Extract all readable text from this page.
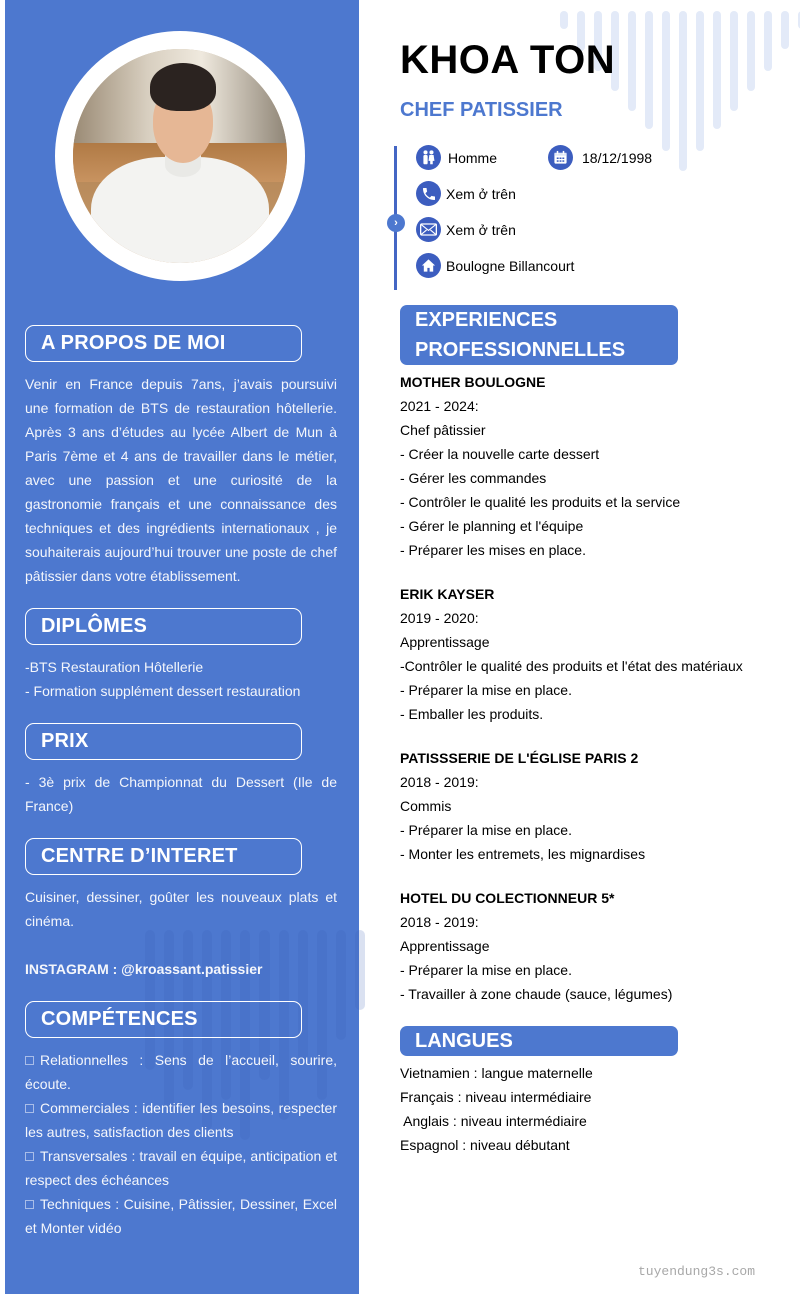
A PROPOS DE MOI

Venir en France depuis 7ans, j’avais poursuivi une formation de BTS de restauration hôtellerie. Après 3 ans d’études au lycée Albert de Mun à Paris 7ème et 4 ans de travailler dans le métier, avec une passion et une curiosité de la gastronomie français et une connaissance des techniques et des ingrédients internationaux , je souhaiterais aujourd’hui trouver une poste de chef pâtissier dans votre établissement.

DIPLÔMES

-BTS Restauration Hôtellerie

- Formation supplément dessert restauration

PRIX

- 3è prix de Championnat du Dessert (Ile de France)

CENTRE D’INTERET

Cuisiner, dessiner, goûter les nouveaux plats et cinéma.

INSTAGRAM : @kroassant.patissier

COMPÉTENCES

Relationnelles : Sens de l’accueil, sourire, écoute.

Commerciales : identifier les besoins, respecter les autres, satisfaction des clients

Transversales : travail en équipe, anticipation et respect des échéances

Techniques : Cuisine, Pâtissier, Dessiner, Excel et Monter vidéo

KHOA TON
CHEF PATISSIER
›
Homme	18/12/1998
Xem ở trên
Xem ở trên
Boulogne Billancourt
EXPERIENCES
PROFESSIONNELLES

MOTHER BOULOGNE

2021 - 2024:

Chef pâtissier

- Créer la nouvelle carte dessert

- Gérer les commandes

- Contrôler le qualité les produits et la service

- Gérer le planning et l'équipe

- Préparer les mises en place.

ERIK KAYSER

2019 - 2020:

Apprentissage

-Contrôler le qualité des produits et l'état des matériaux

- Préparer la mise en place.

- Emballer les produits.

PATISSSERIE DE L'ÉGLISE PARIS 2

2018 - 2019:

Commis

- Préparer la mise en place.

- Monter les entremets, les mignardises

HOTEL DU COLECTIONNEUR 5*

2018 - 2019:

Apprentissage

- Préparer la mise en place.

- Travailler à zone chaude (sauce, légumes)

LANGUES

Vietnamien : langue maternelle

Français : niveau intermédiaire

Anglais : niveau intermédiaire

Espagnol : niveau débutant

tuyendung3s.com
